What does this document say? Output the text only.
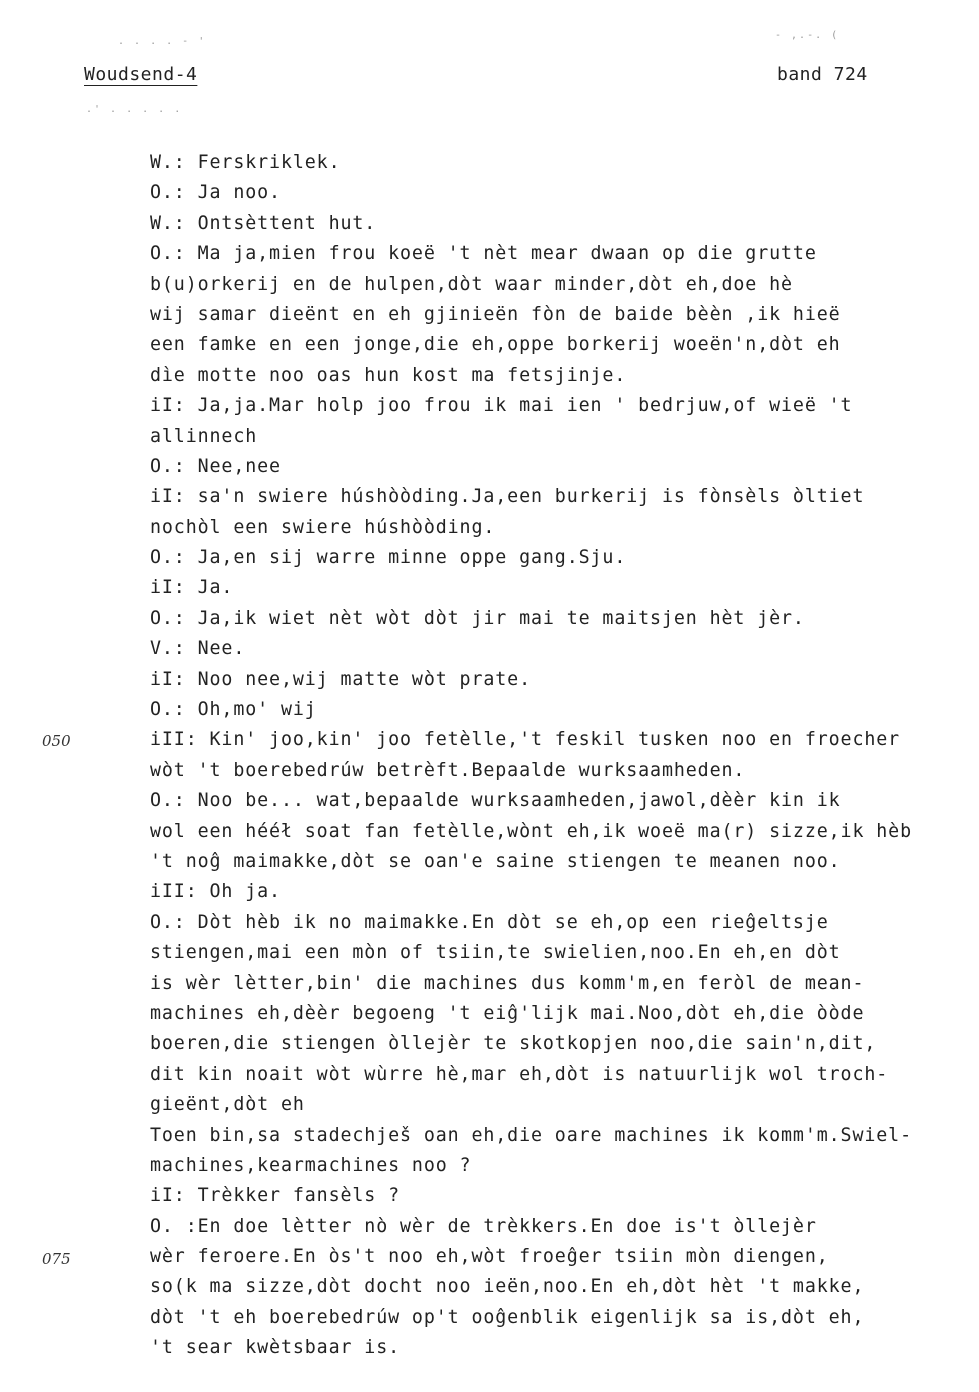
. . . . - '
- ,.-. (
.' . . . . .
Woudsend-4	band 724
050
075
W.: Ferskriklek.
O.: Ja noo.
W.: Ontsèttent hut.
O.: Ma ja,mien frou koeë 't nèt mear dwaan op die grutte
b(u)orkerij en de hulpen,dòt waar minder,dòt eh,doe hè
wij samar dieënt en eh gjinieën fòn de baide bèèn ,ik hieë
een famke en een jonge,die eh,oppe borkerij woeën'n,dòt eh
dìe motte noo oas hun kost ma fetsjinje.
iI: Ja,ja.Mar holp joo frou ik mai ien ' bedrjuw,of wieë 't
allinnech
O.: Nee,nee
iI: sa'n swiere húshòòding.Ja,een burkerij is fònsèls òltiet
nochòl een swiere húshòòding.
O.: Ja,en sij warre minne oppe gang.Sju.
iI: Ja.
O.: Ja,ik wiet nèt wòt dòt jir mai te maitsjen hèt jèr.
V.: Nee.
iI: Noo nee,wij matte wòt prate.
O.: Oh,mo' wij
iII: Kin' joo,kin' joo fetèlle,'t feskil tusken noo en froecher
wòt 't boerebedrúw betrèft.Bepaalde wurksaamheden.
O.: Noo be... wat,bepaalde wurksaamheden,jawol,dèèr kin ik
wol een hééł soat fan fetèlle,wònt eh,ik woeë ma(r) sizze,ik hèb
't noĝ maimakke,dòt se oan'e saine stiengen te meanen noo.
iII: Oh ja.
O.: Dòt hèb ik no maimakke.En dòt se eh,op een rieĝeltsje
stiengen,mai een mòn of tsiin,te swielien,noo.En eh,en dòt
is wèr lètter,bin' die machines dus komm'm,en feròl de mean-
machines eh,dèèr begoeng 't eiĝ'lijk mai.Noo,dòt eh,die òòde
boeren,die stiengen òllejèr te skotkopjen noo,die sain'n,dit,
dit kin noait wòt wùrre hè,mar eh,dòt is natuurlijk wol troch-
gieënt,dòt eh
Toen bin,sa stadechješ oan eh,die oare machines ik komm'm.Swiel-
machines,kearmachines noo ?
iI: Trèkker fansèls ?
O. :En doe lètter nò wèr de trèkkers.En doe is't òllejèr
wèr feroere.En òs't noo eh,wòt froeĝer tsiin mòn diengen,
so(k ma sizze,dòt docht noo ieën,noo.En eh,dòt hèt 't makke,
dòt 't eh boerebedrúw op't ooĝenblik eigenlijk sa is,dòt eh,
't sear kwètsbaar is.
